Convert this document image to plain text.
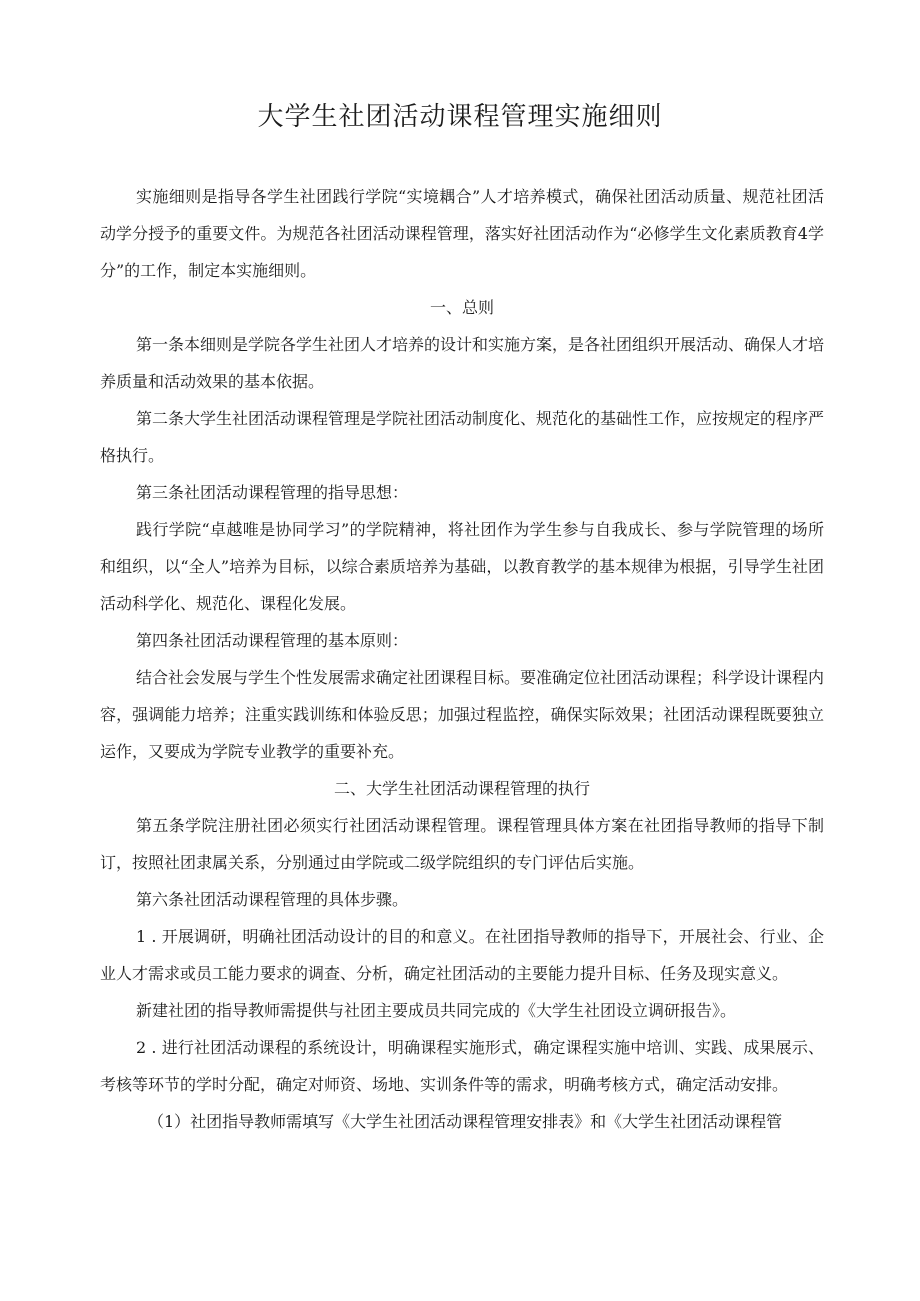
大学生社团活动课程管理实施细则

实施细则是指导各学生社团践行学院“实境耦合”人才培养模式，确保社团活动质量、规范社团活动学分授予的重要文件。为规范各社团活动课程管理，落实好社团活动作为“必修学生文化素质教育4学分”的工作，制定本实施细则。

一、总则

第一条本细则是学院各学生社团人才培养的设计和实施方案，是各社团组织开展活动、确保人才培养质量和活动效果的基本依据。

第二条大学生社团活动课程管理是学院社团活动制度化、规范化的基础性工作，应按规定的程序严格执行。

第三条社团活动课程管理的指导思想：

践行学院“卓越唯是协同学习”的学院精神，将社团作为学生参与自我成长、参与学院管理的场所和组织，以“全人”培养为目标，以综合素质培养为基础，以教育教学的基本规律为根据，引导学生社团活动科学化、规范化、课程化发展。

第四条社团活动课程管理的基本原则：

结合社会发展与学生个性发展需求确定社团课程目标。要准确定位社团活动课程；科学设计课程内容，强调能力培养；注重实践训练和体验反思；加强过程监控，确保实际效果；社团活动课程既要独立运作，又要成为学院专业教学的重要补充。

二、大学生社团活动课程管理的执行

第五条学院注册社团必须实行社团活动课程管理。课程管理具体方案在社团指导教师的指导下制订，按照社团隶属关系，分别通过由学院或二级学院组织的专门评估后实施。

第六条社团活动课程管理的具体步骤。

1 . 开展调研，明确社团活动设计的目的和意义。在社团指导教师的指导下，开展社会、行业、企业人才需求或员工能力要求的调查、分析，确定社团活动的主要能力提升目标、任务及现实意义。

新建社团的指导教师需提供与社团主要成员共同完成的《大学生社团设立调研报告》。

2 . 进行社团活动课程的系统设计，明确课程实施形式，确定课程实施中培训、实践、成果展示、考核等环节的学时分配，确定对师资、场地、实训条件等的需求，明确考核方式，确定活动安排。

（1）社团指导教师需填写《大学生社团活动课程管理安排表》和《大学生社团活动课程管
